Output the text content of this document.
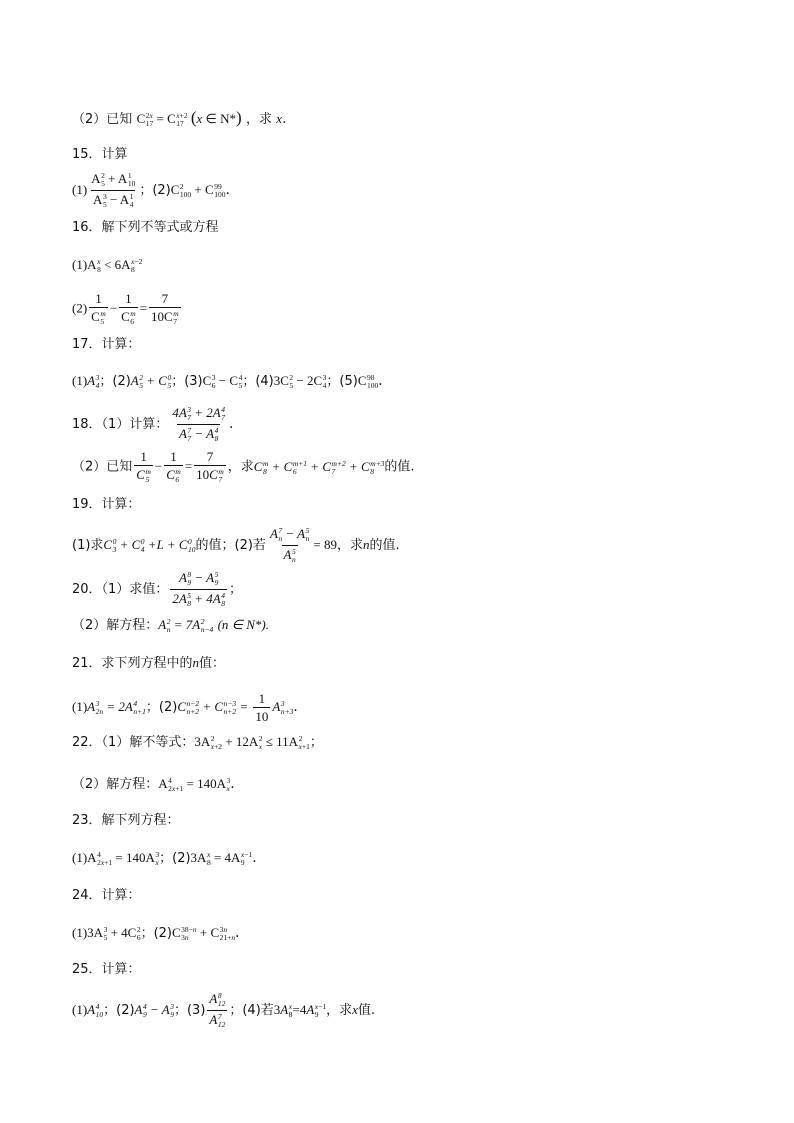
（2）已知 C 2x
17 = C x+2
17 (x ∈ N*) ，求 x.
15．计算
(1) A 2
5 + A 1
10
A 3
5 − A 1
4 ；(2)C 2
100 + C 99
100 .
16．解下列不等式或方程
(1)A x
8 < 6A x−2
8
(2) 1
C m
5 − 1
C m
6 = 7
10C m
7
17．计算：
(1)A 3
4 ；(2)A 2
5 + C 0
5 ；(3)C 3
6 − C 4
5 ；(4)3C 2
5 − 2C 3
4 ；(5)C 98
100 .
18．（1）计算： 4A 3
7 + 2A 4
7
A 7
7 − A 4
8 .
（2）已知 1
C m
5 − 1
C m
6 = 7
10C m
7 ，求C m
8 + C m+1
6 + C m+2
7 + C m+3
8 的值.
19．计算：
(1)求C 0
3 + C 0
4 +L + C 0
10 的值；(2)若 A 7
n − A 5
n
A 5
n = 89，求n的值.
20．（1）求值： A 8
9 − A 5
9
2A 5
8 + 4A 4
8 ；
（2）解方程：A 2
n = 7A 2
n−4 (n ∈ N*).
21．求下列方程中的n值：
(1)A 3
2n = 2A 4
n+1 ；(2)C n−2
n+2 + C n−3
$n+2 = \frac{1}{10}$ A 3
n+3 .
22．（1）解不等式：3A 2
x+2 + 12A 2
x ≤ 11A 2
x+1 ；
（2）解方程：A 4
2x+1 = 140A 3
x .
23．解下列方程：
(1)A 4
2x+1 = 140A 3
x ；(2)3A x
8 = 4A x−1
9 .
24．计算：
(1)3A 3
5 + 4C 2
6 ；(2)C 38−n
3n + C 3n
21+n .
25．计算：
(1)A 4
10 ；(2)A 4
9 − A 3
9 ；(3) A 8
12
A 7
12 ；(4)若3A x
8 =4A x−1
9 ，求x值.
